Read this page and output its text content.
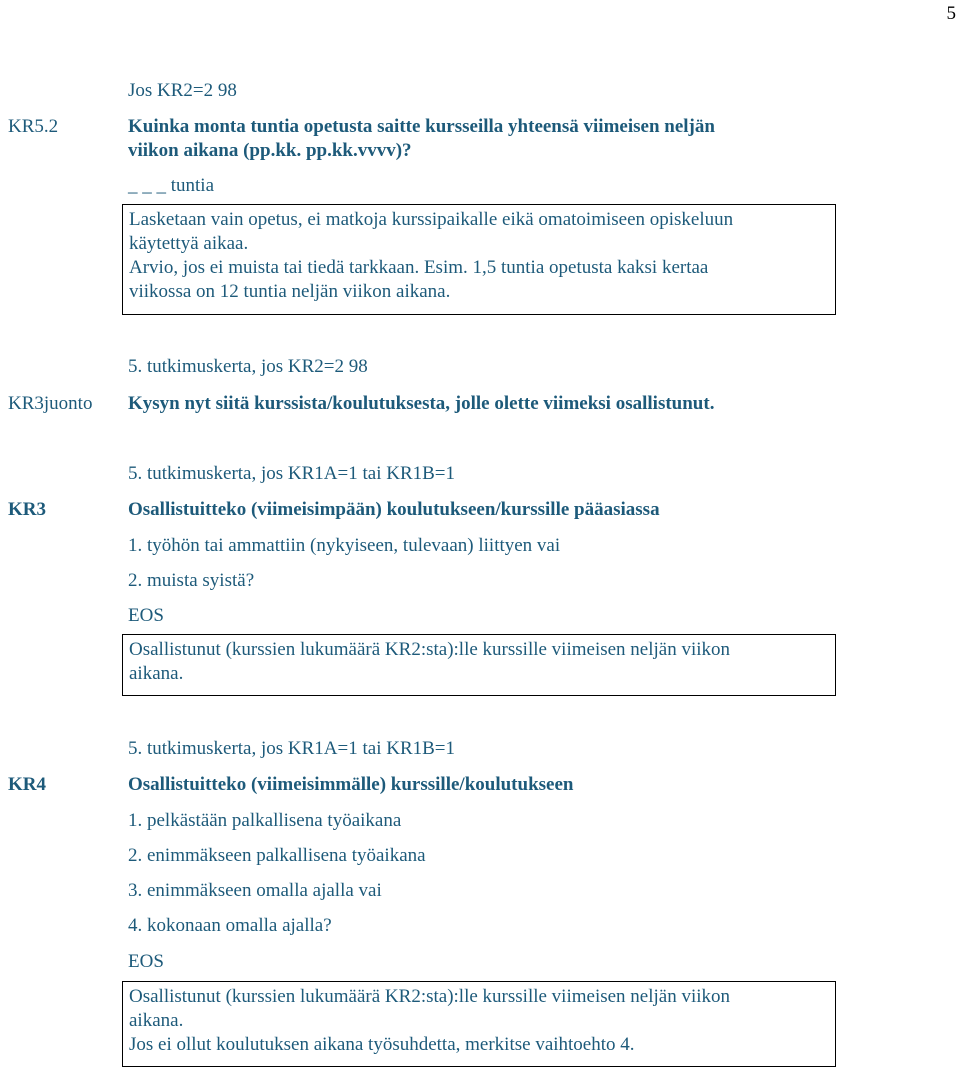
5
Jos KR2=2 98
KR5.2	Kuinka monta tuntia opetusta saitte kursseilla yhteensä viimeisen neljän
viikon aikana (pp.kk. pp.kk.vvvv)?
_ _ _ tuntia
Lasketaan vain opetus, ei matkoja kurssipaikalle eikä omatoimiseen opiskeluun
käytettyä aikaa.
Arvio, jos ei muista tai tiedä tarkkaan. Esim. 1,5 tuntia opetusta kaksi kertaa
viikossa on 12 tuntia neljän viikon aikana.
5. tutkimuskerta, jos KR2=2 98
KR3juonto Kysyn nyt siitä kurssista/koulutuksesta, jolle olette viimeksi osallistunut.
5. tutkimuskerta, jos KR1A=1 tai KR1B=1
KR3	Osallistuitteko (viimeisimpään) koulutukseen/kurssille pääasiassa
1. työhön tai ammattiin (nykyiseen, tulevaan) liittyen vai
2. muista syistä?
EOS
Osallistunut (kurssien lukumäärä KR2:sta):lle kurssille viimeisen neljän viikon
aikana.
5. tutkimuskerta, jos KR1A=1 tai KR1B=1
KR4	Osallistuitteko (viimeisimmälle) kurssille/koulutukseen
1. pelkästään palkallisena työaikana
2. enimmäkseen palkallisena työaikana
3. enimmäkseen omalla ajalla vai
4. kokonaan omalla ajalla?
EOS
Osallistunut (kurssien lukumäärä KR2:sta):lle kurssille viimeisen neljän viikon
aikana.
Jos ei ollut koulutuksen aikana työsuhdetta, merkitse vaihtoehto 4.
